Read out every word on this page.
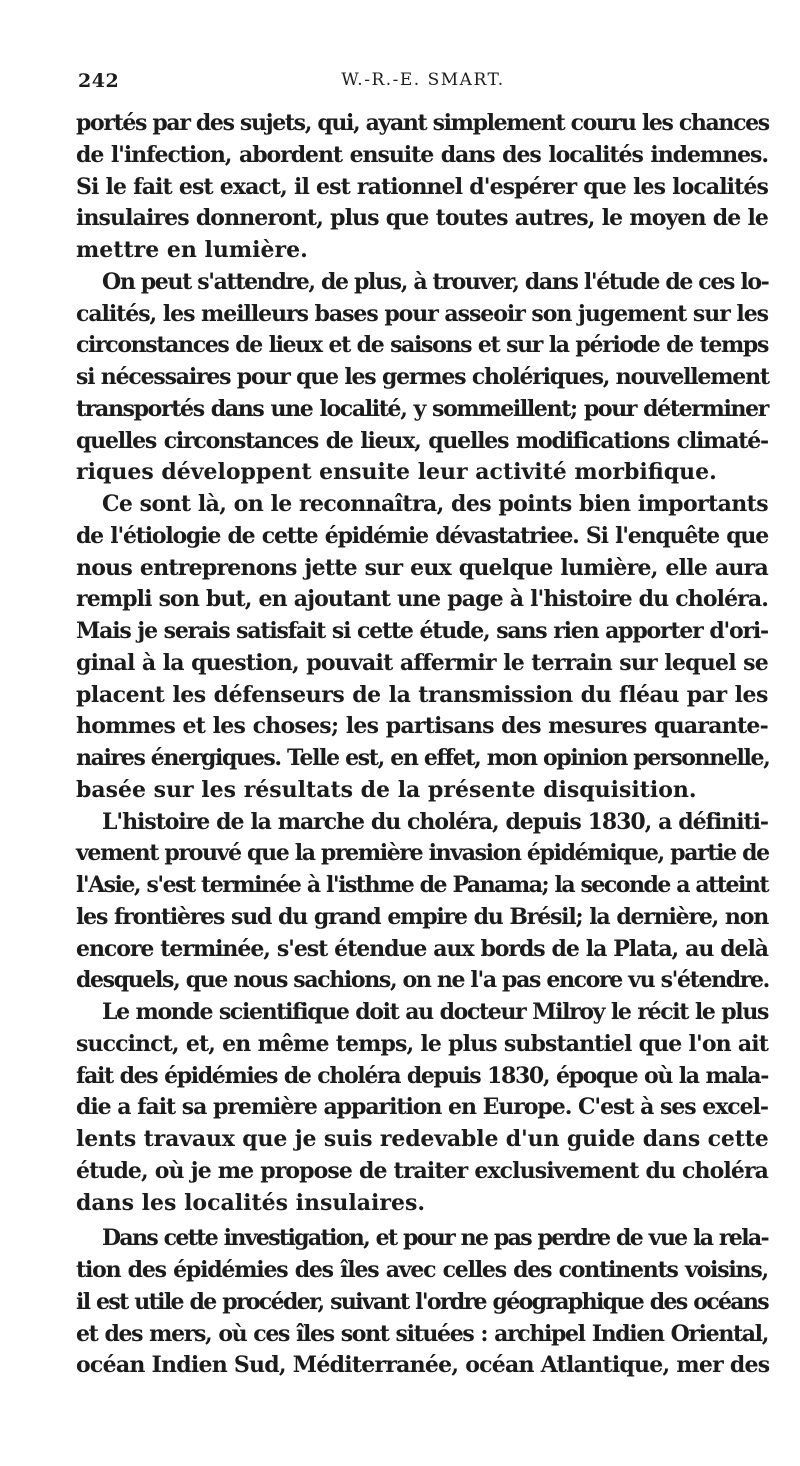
242	W.-R.-E. SMART.
portés par des sujets, qui, ayant simplement couru les chances
de l'infection, abordent ensuite dans des localités indemnes.
Si le fait est exact, il est rationnel d'espérer que les localités
insulaires donneront, plus que toutes autres, le moyen de le
mettre en lumière.
On peut s'attendre, de plus, à trouver, dans l'étude de ces lo-
calités, les meilleurs bases pour asseoir son jugement sur les
circonstances de lieux et de saisons et sur la période de temps
si nécessaires pour que les germes cholériques, nouvellement
transportés dans une localité, y sommeillent; pour déterminer
quelles circonstances de lieux, quelles modifications climaté-
riques développent ensuite leur activité morbifique.
Ce sont là, on le reconnaîtra, des points bien importants
de l'étiologie de cette épidémie dévastatriee. Si l'enquête que
nous entreprenons jette sur eux quelque lumière, elle aura
rempli son but, en ajoutant une page à l'histoire du choléra.
Mais je serais satisfait si cette étude, sans rien apporter d'ori-
ginal à la question, pouvait affermir le terrain sur lequel se
placent les défenseurs de la transmission du fléau par les
hommes et les choses; les partisans des mesures quarante-
naires énergiques. Telle est, en effet, mon opinion personnelle,
basée sur les résultats de la présente disquisition.
L'histoire de la marche du choléra, depuis 1830, a définiti-
vement prouvé que la première invasion épidémique, partie de
l'Asie, s'est terminée à l'isthme de Panama; la seconde a atteint
les frontières sud du grand empire du Brésil; la dernière, non
encore terminée, s'est étendue aux bords de la Plata, au delà
desquels, que nous sachions, on ne l'a pas encore vu s'étendre.
Le monde scientifique doit au docteur Milroy le récit le plus
succinct, et, en même temps, le plus substantiel que l'on ait
fait des épidémies de choléra depuis 1830, époque où la mala-
die a fait sa première apparition en Europe. C'est à ses excel-
lents travaux que je suis redevable d'un guide dans cette
étude, où je me propose de traiter exclusivement du choléra
dans les localités insulaires.
Dans cette investigation, et pour ne pas perdre de vue la rela-
tion des épidémies des îles avec celles des continents voisins,
il est utile de procéder, suivant l'ordre géographique des océans
et des mers, où ces îles sont situées : archipel Indien Oriental,
océan Indien Sud, Méditerranée, océan Atlantique, mer des
